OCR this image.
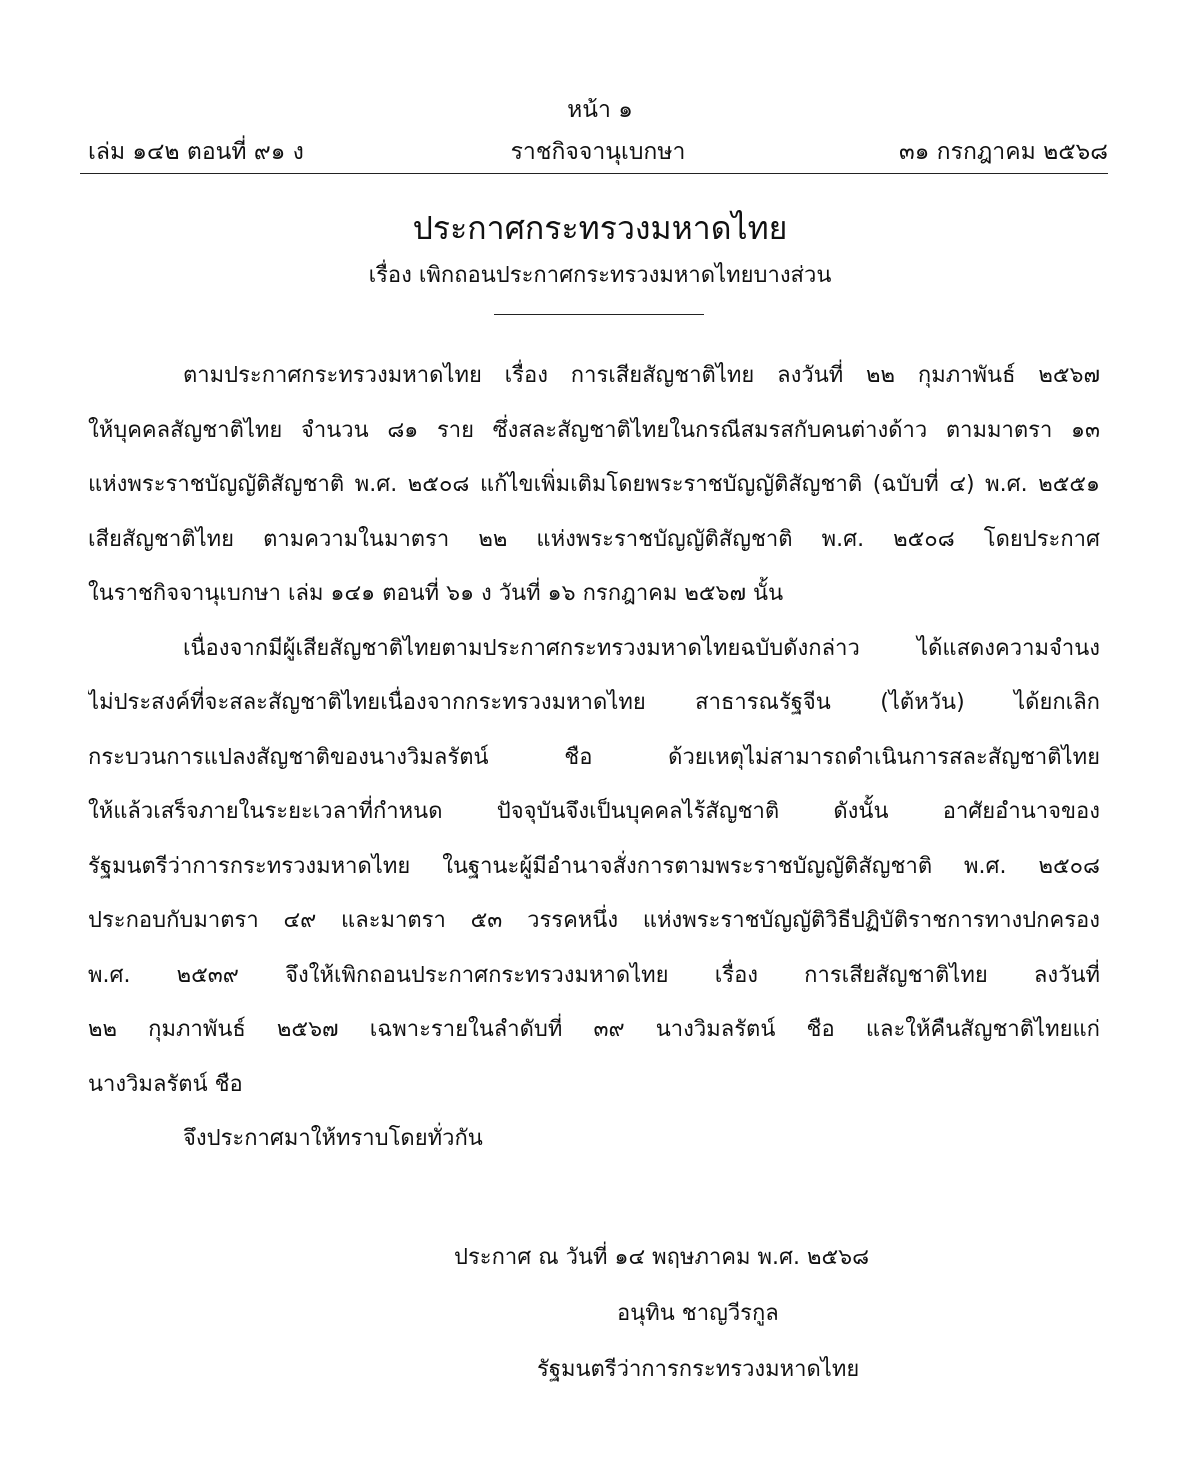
หน้า ๑
เล่ม ๑๔๒ ตอนที่ ๙๑ ง	ราชกิจจานุเบกษา	๓๑ กรกฎาคม ๒๕๖๘
ประกาศกระทรวงมหาดไทย
เรื่อง เพิกถอนประกาศกระทรวงมหาดไทยบางส่วน
ตามประกาศกระทรวงมหาดไทย เรื่อง การเสียสัญชาติไทย ลงวันที่ ๒๒ กุมภาพันธ์ ๒๕๖๗
ให้บุคคลสัญชาติไทย จำนวน ๘๑ ราย ซึ่งสละสัญชาติไทยในกรณีสมรสกับคนต่างด้าว ตามมาตรา ๑๓
แห่งพระราชบัญญัติสัญชาติ พ.ศ. ๒๕๐๘ แก้ไขเพิ่มเติมโดยพระราชบัญญัติสัญชาติ (ฉบับที่ ๔) พ.ศ. ๒๕๕๑
เสียสัญชาติไทย ตามความในมาตรา ๒๒ แห่งพระราชบัญญัติสัญชาติ พ.ศ. ๒๕๐๘ โดยประกาศ
ในราชกิจจานุเบกษา เล่ม ๑๔๑ ตอนที่ ๖๑ ง วันที่ ๑๖ กรกฎาคม ๒๕๖๗ นั้น
เนื่องจากมีผู้เสียสัญชาติไทยตามประกาศกระทรวงมหาดไทยฉบับดังกล่าว ได้แสดงความจำนง
ไม่ประสงค์ที่จะสละสัญชาติไทยเนื่องจากกระทรวงมหาดไทย สาธารณรัฐจีน (ไต้หวัน) ได้ยกเลิก
กระบวนการแปลงสัญชาติของนางวิมลรัตน์ ชือ ด้วยเหตุไม่สามารถดำเนินการสละสัญชาติไทย
ให้แล้วเสร็จภายในระยะเวลาที่กำหนด ปัจจุบันจึงเป็นบุคคลไร้สัญชาติ ดังนั้น อาศัยอำนาจของ
รัฐมนตรีว่าการกระทรวงมหาดไทย ในฐานะผู้มีอำนาจสั่งการตามพระราชบัญญัติสัญชาติ พ.ศ. ๒๕๐๘
ประกอบกับมาตรา ๔๙ และมาตรา ๕๓ วรรคหนึ่ง แห่งพระราชบัญญัติวิธีปฏิบัติราชการทางปกครอง
พ.ศ. ๒๕๓๙ จึงให้เพิกถอนประกาศกระทรวงมหาดไทย เรื่อง การเสียสัญชาติไทย ลงวันที่
๒๒ กุมภาพันธ์ ๒๕๖๗ เฉพาะรายในลำดับที่ ๓๙ นางวิมลรัตน์ ชือ และให้คืนสัญชาติไทยแก่
นางวิมลรัตน์ ชือ
จึงประกาศมาให้ทราบโดยทั่วกัน
ประกาศ ณ วันที่ ๑๔ พฤษภาคม พ.ศ. ๒๕๖๘
อนุทิน ชาญวีรกูล
รัฐมนตรีว่าการกระทรวงมหาดไทย
